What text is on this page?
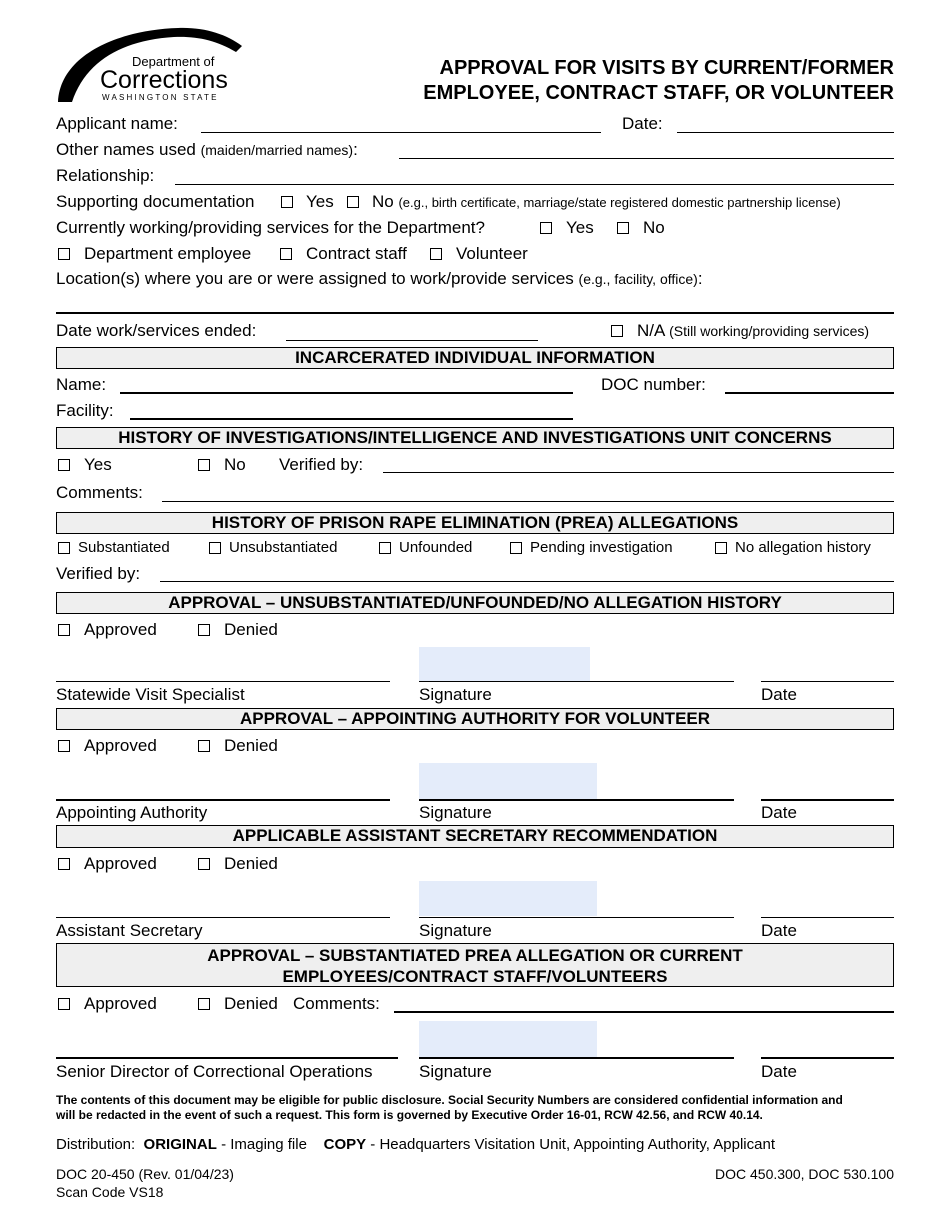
Department of
Corrections
WASHINGTON STATE
APPROVAL FOR VISITS BY CURRENT/FORMER
EMPLOYEE, CONTRACT STAFF, OR VOLUNTEER
Applicant name:	Date:
Other names used (maiden/married names):
Relationship:
Supporting documentation	Yes No (e.g., birth certificate, marriage/state registered domestic partnership license)
Currently working/providing services for the Department?	Yes	No
Department employee	Contract staff	Volunteer
Location(s) where you are or were assigned to work/provide services (e.g., facility, office):
Date work/services ended:	N/A (Still working/providing services)
INCARCERATED INDIVIDUAL INFORMATION
Name:	DOC number:
Facility:
HISTORY OF INVESTIGATIONS/INTELLIGENCE AND INVESTIGATIONS UNIT CONCERNS
Yes	No Verified by:
Comments:
HISTORY OF PRISON RAPE ELIMINATION (PREA) ALLEGATIONS
Substantiated	Unsubstantiated	Unfounded	Pending investigation	No allegation history
Verified by:
APPROVAL – UNSUBSTANTIATED/UNFOUNDED/NO ALLEGATION HISTORY
Approved	Denied
Statewide Visit Specialist	Signature	Date
APPROVAL – APPOINTING AUTHORITY FOR VOLUNTEER
Approved	Denied
Appointing Authority	Signature	Date
APPLICABLE ASSISTANT SECRETARY RECOMMENDATION
Approved	Denied
Assistant Secretary	Signature	Date
APPROVAL – SUBSTANTIATED PREA ALLEGATION OR CURRENT
EMPLOYEES/CONTRACT STAFF/VOLUNTEERS
Approved	Denied Comments:
Senior Director of Correctional Operations	Signature	Date
The contents of this document may be eligible for public disclosure. Social Security Numbers are considered confidential information and
will be redacted in the event of such a request. This form is governed by Executive Order 16-01, RCW 42.56, and RCW 40.14.
Distribution: ORIGINAL - Imaging file COPY - Headquarters Visitation Unit, Appointing Authority, Applicant
DOC 20-450 (Rev. 01/04/23)
Scan Code VS18
DOC 450.300, DOC 530.100
